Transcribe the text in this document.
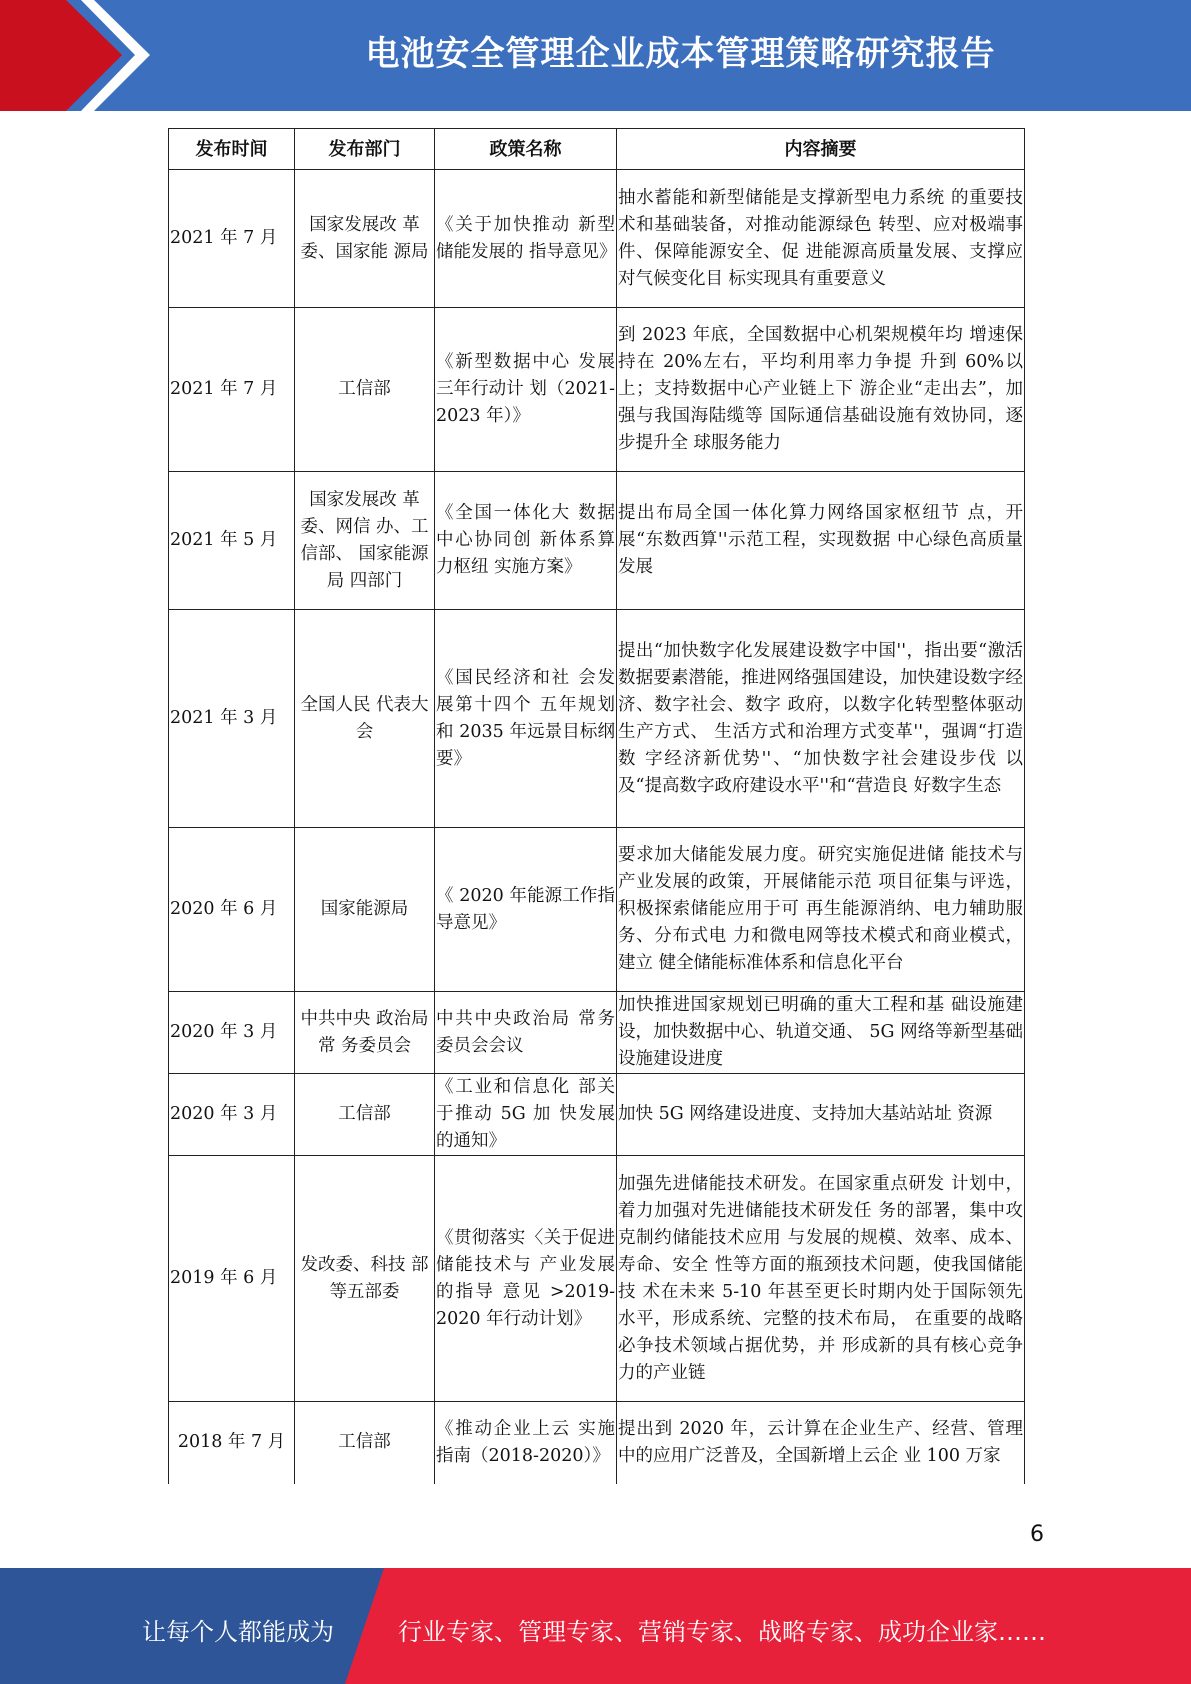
电池安全管理企业成本管理策略研究报告
发布时间	发布部门	政策名称	内容摘要
2021 年 7 月	国家发展改 革委、国家能 源局	《关于加快推动 新型储能发展的 指导意见》	抽水蓄能和新型储能是支撑新型电力系统 的重要技术和基础装备，对推动能源绿色 转型、应对极端事件、保障能源安全、促 进能源高质量发展、支撑应对气候变化目 标实现具有重要意义
2021 年 7 月	工信部	《新型数据中心 发展三年行动计 划（2021-2023 年）》	到 2023 年底，全国数据中心机架规模年均 增速保持在 20%左右，平均利用率力争提 升到 60%以上；支持数据中心产业链上下 游企业“走出去”，加强与我国海陆缆等 国际通信基础设施有效协同，逐步提升全 球服务能力
2021 年 5 月	国家发展改 革委、网信 办、工信部、 国家能源局 四部门	《全国一体化大 数据中心协同创 新体系算力枢纽 实施方案》	提出布局全国一体化算力网络国家枢纽节 点，开展“东数西算''示范工程，实现数据 中心绿色高质量发展
2021 年 3 月	全国人民 代表大会	《国民经济和社 会发展第十四个 五年规划和 2035 年远景目标纲要》	提出“加快数字化发展建设数字中国''，指出要“激活数据要素潜能，推进网络强国建设，加快建设数字经济、数字社会、数字 政府，以数字化转型整体驱动生产方式、 生活方式和治理方式变革''，强调“打造数 字经济新优势''、“加快数字社会建设步伐 以及“提高数字政府建设水平''和“营造良 好数字生态
2020 年 6 月	国家能源局	《 2020 年能源工作指导意见》	要求加大储能发展力度。研究实施促进储 能技术与产业发展的政策，开展储能示范 项目征集与评选，积极探索储能应用于可 再生能源消纳、电力辅助服务、分布式电 力和微电网等技术模式和商业模式，建立 健全储能标准体系和信息化平台
2020 年 3 月	中共中央 政治局常 务委员会	中共中央政治局 常务委员会会议	加快推进国家规划已明确的重大工程和基 础设施建设，加快数据中心、轨道交通、 5G 网络等新型基础设施建设进度
2020 年 3 月	工信部	《工业和信息化 部关于推动 5G 加 快发展的通知》	加快 5G 网络建设进度、支持加大基站站址 资源
2019 年 6 月	发改委、科技 部等五部委	《贯彻落实〈关于促进储能技术与 产业发展的指导 意见 >2019-2020 年行动计划》	加强先进储能技术研发。在国家重点研发 计划中，着力加强对先进储能技术研发任 务的部署，集中攻克制约储能技术应用 与发展的规模、效率、成本、寿命、安全 性等方面的瓶颈技术问题，使我国储能技 术在未来 5-10 年甚至更长时期内处于国际领先水平，形成系统、完整的技术布局， 在重要的战略必争技术领域占据优势，并 形成新的具有核心竞争力的产业链
2018 年 7 月	工信部	《推动企业上云 实施指南（2018-2020）》	提出到 2020 年，云计算在企业生产、经营、管理中的应用广泛普及，全国新增上云企 业 100 万家
6
让每个人都能成为	行业专家、管理专家、营销专家、战略专家、成功企业家……
